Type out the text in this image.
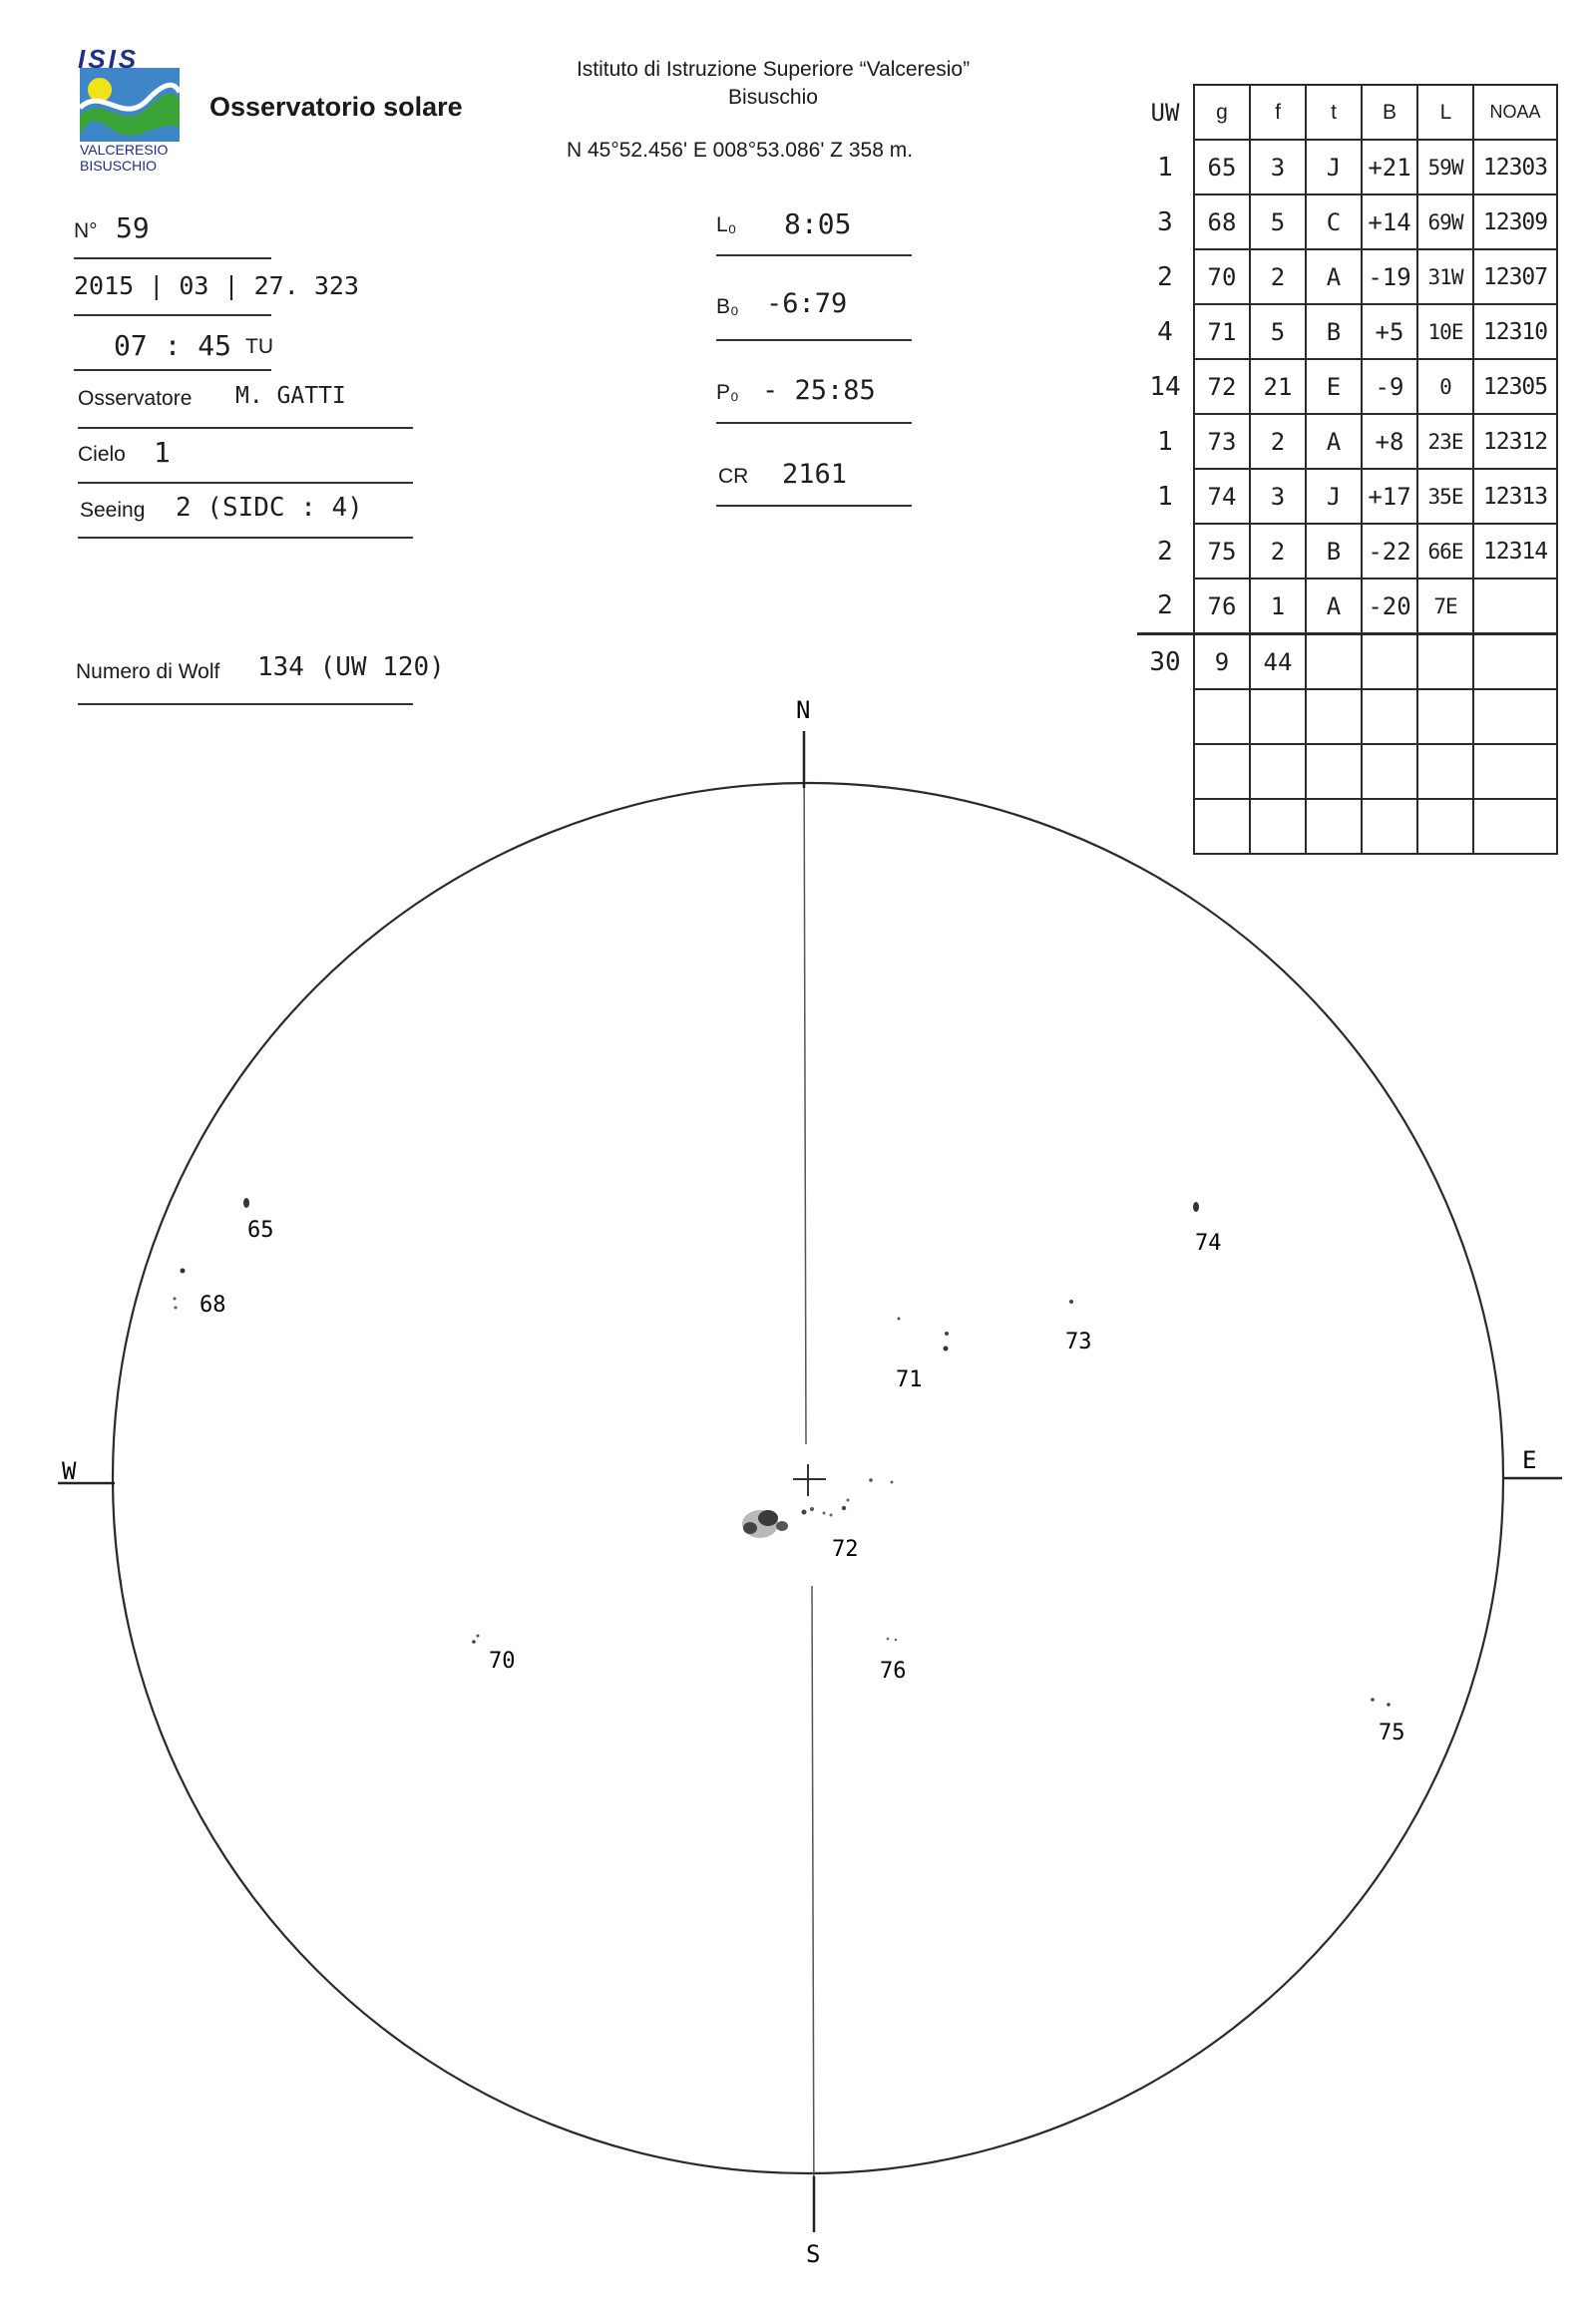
ISIS
VALCERESIO
BISUSCHIO
Osservatorio solare
Istituto di Istruzione Superiore “Valceresio”
Bisuschio
N 45°52.456' E 008°53.086' Z 358 m.
N° 59
2015 | 03 | 27. 323
07 : 45 TU
Osservatore M. GATTI
Cielo 1
Seeing 2 (SIDC : 4)
Numero di Wolf 134 (UW 120)
L₀ 8:05
B₀ -6:79
P₀ - 25:85
CR 2161
UW	g	f	t	B	L	NOAA
1	65	3	J	+21	59W	12303
3	68	5	C	+14	69W	12309
2	70	2	A	-19	31W	12307
4	71	5	B	+5	10E	12310
14	72	21	E	-9	0	12305
1	73	2	A	+8	23E	12312
1	74	3	J	+17	35E	12313
2	75	2	B	-22	66E	12314
2	76	1	A	-20	7E	
30	9	44				

N
S
E
W
65
68
70
71
72
73
74
75
76
